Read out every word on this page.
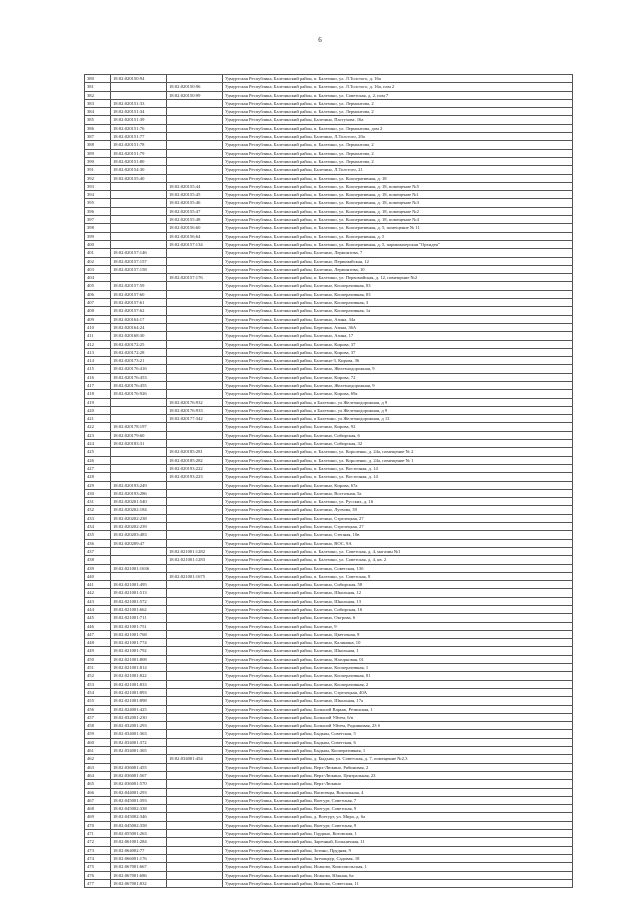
6
380	18:02:020150:94		Удмуртская Республика, Балезинский район, п. Балезино, ул. Л.Толстого, д. 16а
381		18:02:020150:96	Удмуртская Республика, Балезинский район, п. Балезино, ул. Л.Толстого, д. 16а, пом 2
382		18:02:020150:99	Удмуртская Республика, Балезинский район, п. Балезино, ул. Советская, д. 2, пом 7
383	18:02:020151:33		Удмуртская Республика, Балезинский район, п. Балезино, ул. Лермонтова, 2
384	18:02:020151:34		Удмуртская Республика, Балезинский район, п. Балезино, ул. Лермонтова, 2
385	18:02:020151:39		Удмуртская Республика, Балезинский район, Балезино, Пастухова, 16а
386	18:02:020151:76		Удмуртская Республика, Балезинский район, п. Балезино, ул. Лермонтова, дом 2
387	18:02:020151:77		Удмуртская Республика, Балезинский район, Балезино, Л.Толстого, 20а
388	18:02:020151:78		Удмуртская Республика, Балезинский район, п. Балезино, ул. Лермонтова, 2
389	18:02:020151:79		Удмуртская Республика, Балезинский район, п. Балезино, ул. Лермонтова, 2
390	18:02:020151:80		Удмуртская Республика, Балезинский район, п. Балезино, ул. Лермонтова, 2
391	18:02:020154:30		Удмуртская Республика, Балезинский район, Балезино, Л.Толстого, 21
392	18:02:020155:40		Удмуртская Республика, Балезинский район, п. Балезино, ул. Кооперативная, д. 18
393		18:02:020155:44	Удмуртская Республика, Балезинский район, п. Балезино, ул. Кооперативная, д. 18, помещение №5
394		18:02:020155:45	Удмуртская Республика, Балезинский район, п. Балезино, ул. Кооперативная, д. 18, помещение №1
395		18:02:020155:46	Удмуртская Республика, Балезинский район, п. Балезино, ул. Кооперативная, д. 18, помещение №3
396		18:02:020155:47	Удмуртская Республика, Балезинский район, п. Балезино, ул. Кооперативная, д. 18, помещение №2
397		18:02:020155:48	Удмуртская Республика, Балезинский район, п. Балезино, ул. Кооперативная, д. 18, помещение №4
398		18:02:020156:60	Удмуртская Республика, Балезинский район, п. Балезино, ул. Кооперативная, д. 5, помещение № 11
399		18:02:020156:64	Удмуртская Республика, Балезинский район, п. Балезино, ул. Кооперативная, д. 5
400		18:02:020157:134	Удмуртская Республика, Балезинский район, п. Балезино, ул. Кооперативная, д. 5, парикмахерская "Орхидея"
401	18:02:020157:146		Удмуртская Республика, Балезинский район, Балезино, Лермонтова, 7
402	18:02:020157:157		Удмуртская Республика, Балезинский район, Балезино, Первомайская, 12
403	18:02:020157:158		Удмуртская Республика, Балезинский район, Балезино, Лермонтова, 10
404		18:02:020157:176	Удмуртская Республика, Балезинский район, п. Балезино, ул. Первомайская, д. 12, помещение №2
405	18:02:020157:59		Удмуртская Республика, Балезинский район, Балезино, Кооперативная, 03
406	18:02:020157:60		Удмуртская Республика, Балезинский район, Балезино, Кооперативная, 03
407	18:02:020157:61		Удмуртская Республика, Балезинский район, Балезино, Кооперативная, 3
408	18:02:020157:62		Удмуртская Республика, Балезинский район, Балезино, Кооперативная, 1а
409	18:02:020164:17		Удмуртская Республика, Балезинский район, Балезино, Азина, 34а
410	18:02:020164:24		Удмуртская Республика, Балезинский район, Березина, Азина, 36А
411	18:02:020168:30		Удмуртская Республика, Балезинский район, Балезино, Азина, 17
412	18:02:020172:25		Удмуртская Республика, Балезинский район, Балезино, Кирова, 37
413	18:02:020172:28		Удмуртская Республика, Балезинский район, Балезино, Кирова, 37
414	18:02:020173:21		Удмуртская Республика, Балезинский район, Балезино-3, Кирова, 36
415	18:02:020176:416		Удмуртская Республика, Балезинский район, Балезино, Железнодорожная, 9
416	18:02:020176:453		Удмуртская Республика, Балезинский район, Балезино, Кирова, 72
417	18:02:020176:455		Удмуртская Республика, Балезинский район, Балезино, Железнодорожная, 9
418	18:02:020176:926		Удмуртская Республика, Балезинский район, Балезино, Кирова, 69а
419		18:02:020176:932	Удмуртская Республика, Балезинский район, п Балезино, ул Железнодорожная, д 9
420		18:02:020176:933	Удмуртская Республика, Балезинский район, п Балезино, ул Железнодорожная, д 9
421		18:02:020177:342	Удмуртская Республика, Балезинский район, п Балезино, ул Железнодорожная, д 13
422	18:02:020178:197		Удмуртская Республика, Балезинский район, Балезино, Кирова, 92
423	18:02:020179:60		Удмуртская Республика, Балезинский район, Балезино, Сибирская, 6
424	18:02:020183:31		Удмуртская Республика, Балезинский район, Балезино, Сибирская, 32
425		18:02:020185:281	Удмуртская Республика, Балезинский район, п. Балезино, ул. Короленко, д. 24а, помещение № 2
426		18:02:020185:282	Удмуртская Республика, Балезинский район, п. Балезино, ул. Короленко, д. 24а, помещение № 1
427		18:02:020193:222	Удмуртская Республика, Балезинский район, п. Балезино, ул. Восточная, д. 14
428		18:02:020193:223	Удмуртская Республика, Балезинский район, п. Балезино, ул. Восточная, д. 14
429	18:02:020193:249		Удмуртская Республика, Балезинский район, Балезино, Кирова, 67а
430	18:02:020193:286		Удмуртская Республика, Балезинский район, Балезино, Восточная, 5а
431	18:02:020201:540		Удмуртская Республика, Балезинский район, п. Балезино, ул. Русских, д. 16
432	18:02:020202:184		Удмуртская Республика, Балезинский район, Балезино, Лугвова, 39
433	18:02:020202:238		Удмуртская Республика, Балезинский район, Балезино, Стрелецкая, 27
434	18:02:020202:239		Удмуртская Республика, Балезинский район, Балезино, Стрелецкая, 27
435	18:02:020203:483		Удмуртская Республика, Балезинский район, Балезино, Степная, 10в
436	18:02:020209:47		Удмуртская Республика, Балезинский район, Балезино, ВОС, 9А
437		18:02:021001:1282	Удмуртская Республика, Балезинский район, п. Балезино, ул. Советская, д. 4, магазин №1
438		18:02:021001:1283	Удмуртская Республика, Балезинский район, п. Балезино, ул. Советская, д. 4, кв. 2
439	18:02:021001:1636		Удмуртская Республика, Балезинский район, Балезино, Советская, 13б
440		18:02:021001:1675	Удмуртская Республика, Балезинский район, п. Балезино, ул. Советская, 8
441	18:02:021001:495		Удмуртская Республика, Балезинский район, Балезино, Сибирская, 58
442	18:02:021001:513		Удмуртская Республика, Балезинский район, Балезино, Школьная, 12
443	18:02:021001:572		Удмуртская Республика, Балезинский район, Балезино, Школьная, 13
444	18:02:021001:662		Удмуртская Республика, Балезинский район, Балезино, Сибирская, 16
445	18:02:021001:711		Удмуртская Республика, Балезинский район, Балезино, Октрова, 6
446	18:02:021001:751		Удмуртская Республика, Балезинский район, Балезино, 9
447	18:02:021001:768		Удмуртская Республика, Балезинский район, Балезино, Цветочная, 8
448	18:02:021001:774		Удмуртская Республика, Балезинский район, Балезино, Калинина, 10
449	18:02:021001:792		Удмуртская Республика, Балезинский район, Балезино, Школьная, 1
450	18:02:021001:808		Удмуртская Республика, Балезинский район, Балезино, Нагорновая, 01
451	18:02:021001:814		Удмуртская Республика, Балезинский район, Балезино, Кооперативная, 1
452	18:02:021001:822		Удмуртская Республика, Балезинский район, Балезино, Кооперативная, 01
453	18:02:021001:833		Удмуртская Республика, Балезинский район, Балезино, Кооперативная, 2
454	18:02:021001:893		Удмуртская Республика, Балезинский район, Балезино, Стрелецкая, 40А
455	18:02:021001:898		Удмуртская Республика, Балезинский район, Балезино, Школьная, 17а
456	18:02:024001:425		Удмуртская Республика, Балезинский район, Большой Варыж, Резинская, 1
457	18:02:032001:230		Удмуртская Республика, Балезинский район, Большой Уйтем, 6/в
458	18:02:032001:293		Удмуртская Республика, Балезинский район, Большой Уйтем, Родниковая, 23 б
459	18:02:034001:363		Удмуртская Республика, Балезинский район, Быдьин, Советская, 5
460	18:02:034001:372		Удмуртская Республика, Балезинский район, Быдьин, Советская, 6
461	18:02:034001:365		Удмуртская Республика, Балезинский район, Быдьин, Кооперативная, 1
462		18:02:034001:454	Удмуртская Республика, Балезинский район, д. Быдьин, ул. Советская, д. 7, помещение №2,3
463	18:02:036001:455		Удмуртская Республика, Балезинский район, Верх-Люкино, Рябиновая, 2
464	18:02:036001:567		Удмуртская Республика, Балезинский район, Верх-Люкино, Центральная, 23
465	18:02:036001:570		Удмуртская Республика, Балезинский район, Верх-Люкино
466	18:02:044001:293		Удмуртская Республика, Балезинский район, Васютвцы, Вокзальная, 4
467	18:02:045001:393		Удмуртская Республика, Балезинский район, Воегурт, Советская, 7
468	18:02:045002:338		Удмуртская Республика, Балезинский район, Воегурт, Советская, 9
469	18:02:045002:346		Удмуртская Республика, Балезинский район, д. Воегурт, ул. Мира, д. 6а
470	18:02:045002:358		Удмуртская Республика, Балезинский район, Воегурт, Советская, 9
471	18:02:055001:263		Удмуртская Республика, Балезинский район, Гордино, Котовская, 1
472	18:02:061001:284		Удмуртская Республика, Балезинский район, Заречный, Больничная, 11
473	18:02:064002:77		Удмуртская Республика, Балезинский район, Зотино, Прудная, 9
474	18:02:066001:176		Удмуртская Республика, Балезинский район, Зятчицкур, Садовая, 18
475	18:02:067001:667		Удмуртская Республика, Балезинский район, Исаково, Комсомольская, 1
476	18:02:067001:686		Удмуртская Республика, Балезинский район, Исаково, Южная, 6а
477	18:02:067001:832		Удмуртская Республика, Балезинский район, Исаково, Советская, 11
